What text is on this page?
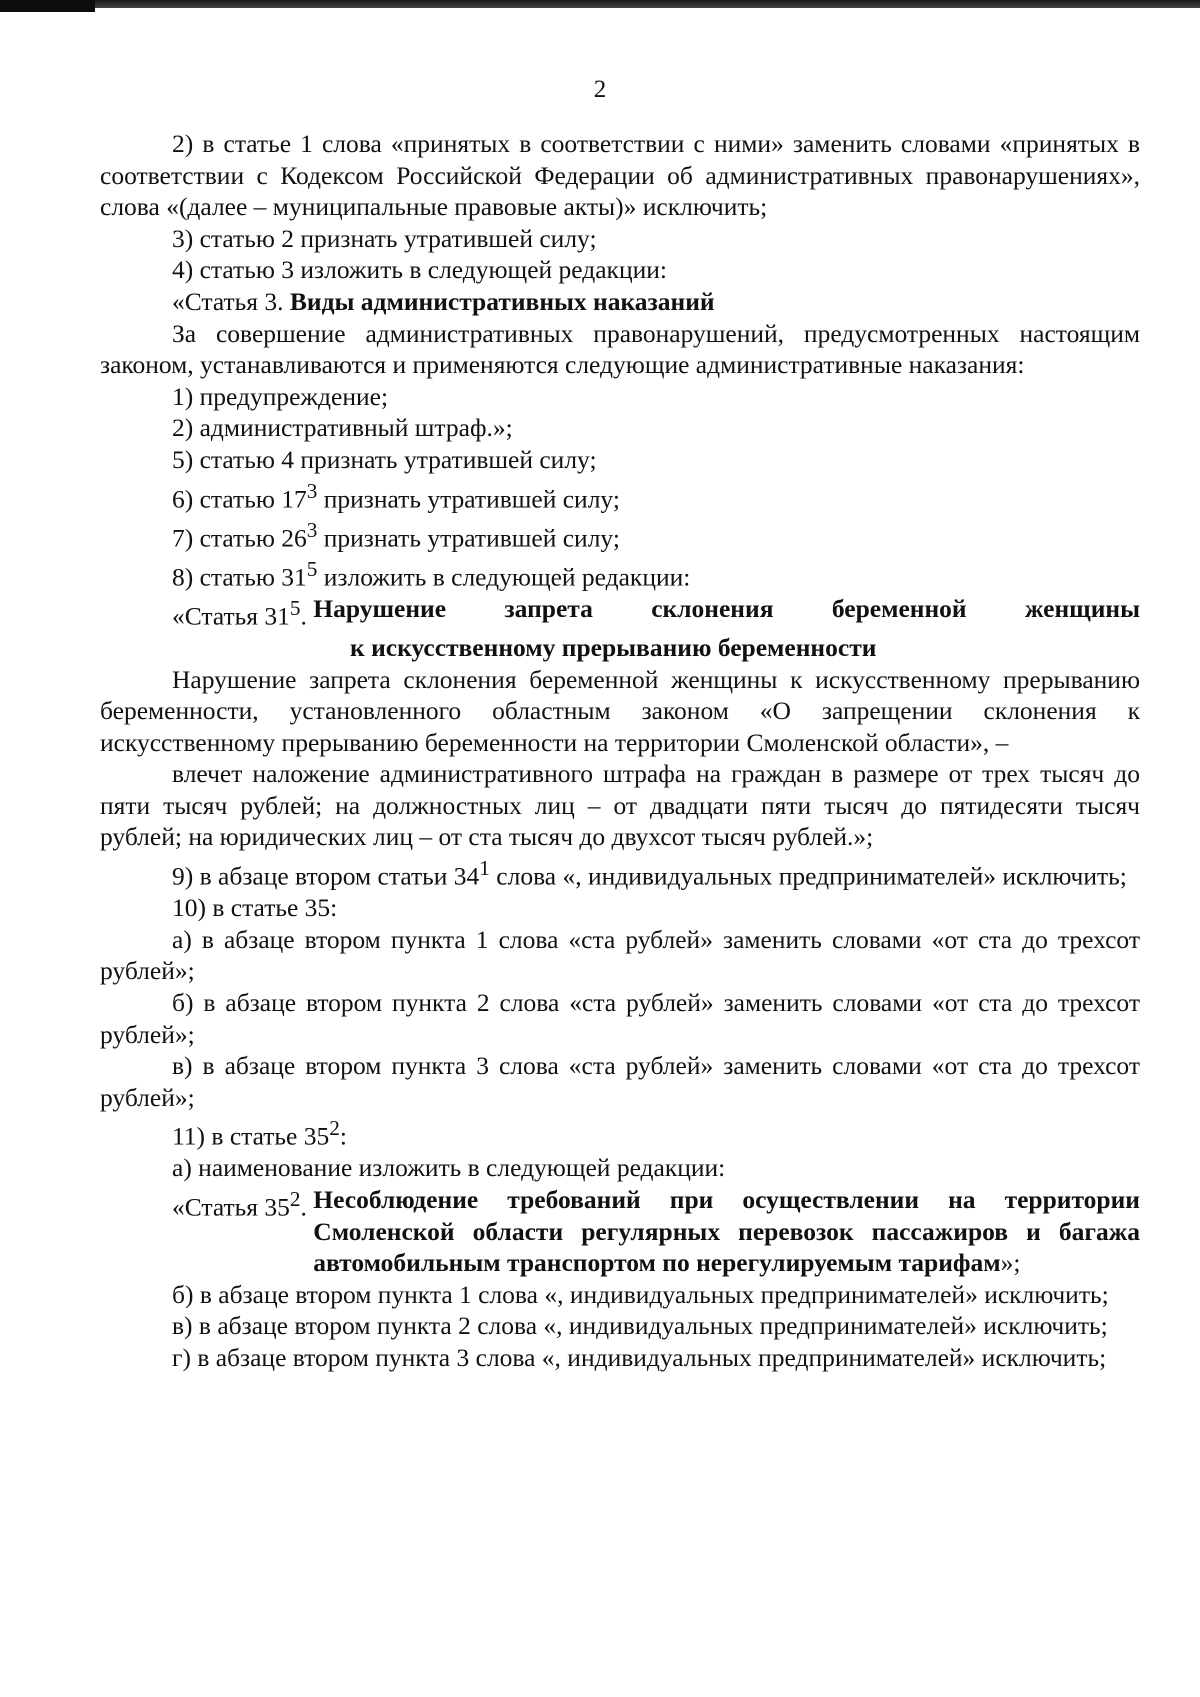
2

2) в статье 1 слова «принятых в соответствии с ними» заменить словами «принятых в соответствии с Кодексом Российской Федерации об административных правонарушениях», слова «(далее – муниципальные правовые акты)» исключить;

3) статью 2 признать утратившей силу;

4) статью 3 изложить в следующей редакции:

«Статья 3. Виды административных наказаний

За совершение административных правонарушений, предусмотренных настоящим законом, устанавливаются и применяются следующие административные наказания:

1) предупреждение;

2) административный штраф.»;

5) статью 4 признать утратившей силу;

6) статью $17^3$ признать утратившей силу;

7) статью $26^3$ признать утратившей силу;

8) статью $31^5$ изложить в следующей редакции:

«Статья $31^5$. Нарушение запрета склонения беременной женщины

к искусственному прерыванию беременности

Нарушение запрета склонения беременной женщины к искусственному прерыванию беременности, установленного областным законом «О запрещении склонения к искусственному прерыванию беременности на территории Смоленской области», –

влечет наложение административного штрафа на граждан в размере от трех тысяч до пяти тысяч рублей; на должностных лиц – от двадцати пяти тысяч до пятидесяти тысяч рублей; на юридических лиц – от ста тысяч до двухсот тысяч рублей.»;

9) в абзаце втором статьи $34^1$ слова «, индивидуальных предпринимателей» исключить;

10) в статье 35:

а) в абзаце втором пункта 1 слова «ста рублей» заменить словами «от ста до трехсот рублей»;

б) в абзаце втором пункта 2 слова «ста рублей» заменить словами «от ста до трехсот рублей»;

в) в абзаце втором пункта 3 слова «ста рублей» заменить словами «от ста до трехсот рублей»;

11) в статье $35^2$:

а) наименование изложить в следующей редакции:

«Статья $35^2$. Несоблюдение требований при осуществлении на территории Смоленской области регулярных перевозок пассажиров и багажа автомобильным транспортом по нерегулируемым тарифам»;

б) в абзаце втором пункта 1 слова «, индивидуальных предпринимателей» исключить;

в) в абзаце втором пункта 2 слова «, индивидуальных предпринимателей» исключить;

г) в абзаце втором пункта 3 слова «, индивидуальных предпринимателей» исключить;
